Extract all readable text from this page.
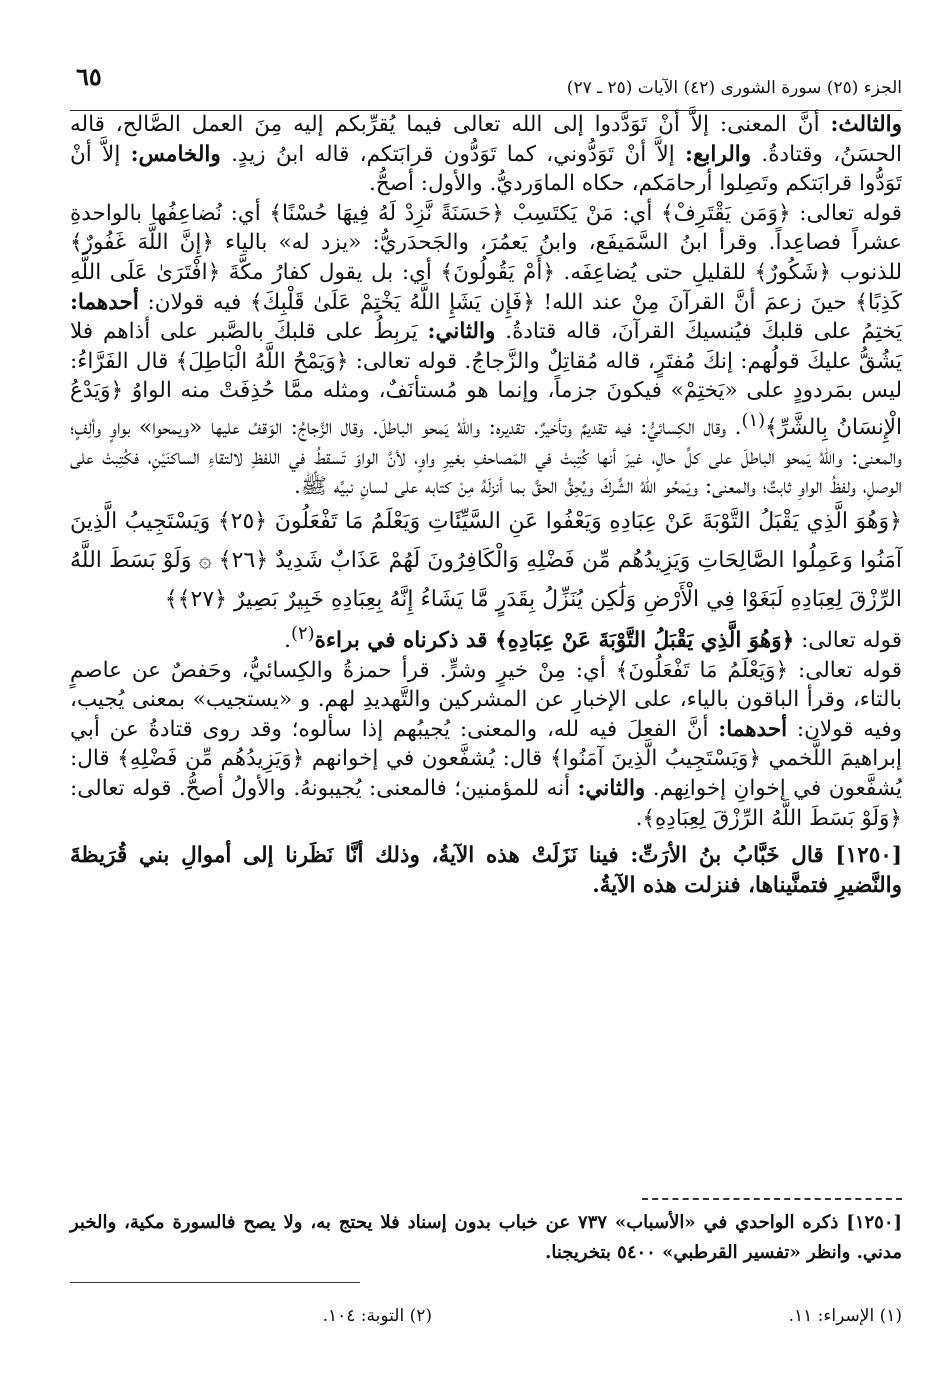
٦٥	الجزء (٢٥) سورة الشورى (٤٢) الآيات (٢٥ ـ ٢٧)

والثالث: أنَّ المعنى: إلاَّ أنْ تَوَدَّدوا إلى الله تعالى فيما يُقرِّبكم إليه مِنَ العمل الصَّالح، قاله الحسَنُ، وقتادةُ. والرابع: إلاَّ أنْ تَوَدُّوني، كما تَوَدُّون قرابَتكم، قاله ابنُ زيدٍ. والخامس: إلاَّ أنْ تَوَدُّوا قرابَتكم وتَصِلوا أرحامَكم، حكاه الماوَرديُّ. والأول: أصحُّ.

قوله تعالى: ﴿وَمَن يَقْتَرِفْ﴾ أي: مَنْ يَكتَسِبْ ﴿حَسَنَةً نَّزِدْ لَهُ فِيهَا حُسْنًا﴾ أي: نُضاعِفُها بالواحدةِ عشراً فصاعِداً. وقرأ ابنُ السَّمَيفَع، وابنُ يَعمُرَ، والجَحدَريُّ: «يزد له» بالياء ﴿إِنَّ اللَّهَ غَفُورٌ﴾ للذنوب ﴿شَكُورٌ﴾ للقليلِ حتى يُضاعِفَه. ﴿أَمْ يَقُولُونَ﴾ أي: بل يقول كفارُ مكَّةَ ﴿افْتَرَىٰ عَلَى اللَّهِ كَذِبًا﴾ حينَ زعمَ أنَّ القرآنَ مِنْ عند الله! ﴿فَإِن يَشَإِ اللَّهُ يَخْتِمْ عَلَىٰ قَلْبِكَ﴾ فيه قولان: أحدهما: يَختِمُ على قلبكَ فيُنسيكَ القرآنَ، قاله قتادةُ. والثاني: يَربِطُ على قلبكَ بالصَّبر على أذاهم فلا يَشُقُّ عليكَ قولُهم: إنكَ مُفتَرٍ، قاله مُقاتِلٌ والزَّجاجُ. قوله تعالى: ﴿وَيَمْحُ اللَّهُ الْبَاطِلَ﴾ قال الفَرَّاءُ: ليس بمَردودٍ على «يَختِمْ» فيكونَ جزماً، وإنما هو مُستأنَفٌ، ومثله ممَّا حُذِفَتْ منه الواوُ ﴿وَيَدْعُ الْإِنسَانُ بِالشَّرِّ﴾$^{(١)}$. وقال الكِسائيُّ: فيه تقديمٌ وتأخيرٌ. تقديره: واللهُ يَمحو الباطلَ. وقال الزَّجاجُ: الوَقفُ عليها «ويمحوا» بواوٍ وألِفٍ؛ والمعنى: واللهُ يَمحو الباطلَ على كلِّ حالٍ، غيرَ أنها كُتِبتْ في المَصاحفِ بغيرِ واوٍ، لأنَّ الواوَ تَسقطُ في اللفظِ لالتقاءِ الساكنَيْنِ، فكُتِبتْ على الوصلِ، ولفظُ الواوِ ثابتٌ؛ والمعنى: ويَمحُو اللهُ الشِّركَ ويُحِقُّ الحقَّ بما أنزلَهُ مِنْ كتابه على لسانِ نبيِّه ﷺ.

﴿وَهُوَ الَّذِي يَقْبَلُ التَّوْبَةَ عَنْ عِبَادِهِ وَيَعْفُوا عَنِ السَّيِّئَاتِ وَيَعْلَمُ مَا تَفْعَلُونَ ﴿٢٥﴾ وَيَسْتَجِيبُ الَّذِينَ آمَنُوا وَعَمِلُوا الصَّالِحَاتِ وَيَزِيدُهُم مِّن فَضْلِهِ وَالْكَافِرُونَ لَهُمْ عَذَابٌ شَدِيدٌ ﴿٢٦﴾ ۞ وَلَوْ بَسَطَ اللَّهُ الرِّزْقَ لِعِبَادِهِ لَبَغَوْا فِي الْأَرْضِ وَلَٰكِن يُنَزِّلُ بِقَدَرٍ مَّا يَشَاءُ إِنَّهُ بِعِبَادِهِ خَبِيرٌ بَصِيرٌ ﴿٢٧﴾﴾

قوله تعالى: ﴿وَهُوَ الَّذِي يَقْبَلُ التَّوْبَةَ عَنْ عِبَادِهِ﴾ قد ذكرناه في براءة$^{(٢)}$.

قوله تعالى: ﴿وَيَعْلَمُ مَا تَفْعَلُونَ﴾ أي: مِنْ خيرٍ وشرٍّ. قرأ حمزةُ والكِسائيُّ، وحَفصٌ عن عاصمٍ بالتاء، وقرأ الباقون بالياء، على الإخبارِ عن المشركين والتَّهديدِ لهم. و «يستجيب» بمعنى يُجيب، وفيه قولان: أحدهما: أنَّ الفعلَ فيه لله، والمعنى: يُجيبُهم إذا سألوه؛ وقد روى قتادةُ عن أبي إبراهيمَ اللَّخمي ﴿وَيَسْتَجِيبُ الَّذِينَ آمَنُوا﴾ قال: يُشفَّعون في إخوانهم ﴿وَيَزِيدُهُم مِّن فَضْلِهِ﴾ قال: يُشفَّعون في إخوانِ إخوانِهم. والثاني: أنه للمؤمنين؛ فالمعنى: يُجيبونهُ. والأولُ أصحُّ. قوله تعالى: ﴿وَلَوْ بَسَطَ اللَّهُ الرِّزْقَ لِعِبَادِهِ﴾.

[١٢٥٠] قال خَبَّابُ بنُ الأرَتِّ: فينا نَزَلَتْ هذه الآيةُ، وذلك أنَّا نَظَرنا إلى أموالِ بني قُرَيظةَ والنَّضيرِ فتمنَّيناها، فنزلت هذه الآيةُ.

[١٢٥٠] ذكره الواحدي في «الأسباب» ٧٣٧ عن خباب بدون إسناد فلا يحتج به، ولا يصح فالسورة مكية، والخبر مدني. وانظر «تفسير القرطبي» ٥٤٠٠ بتخريجنا.
(١) الإسراء: ١١.
(٢) التوبة: ١٠٤.
